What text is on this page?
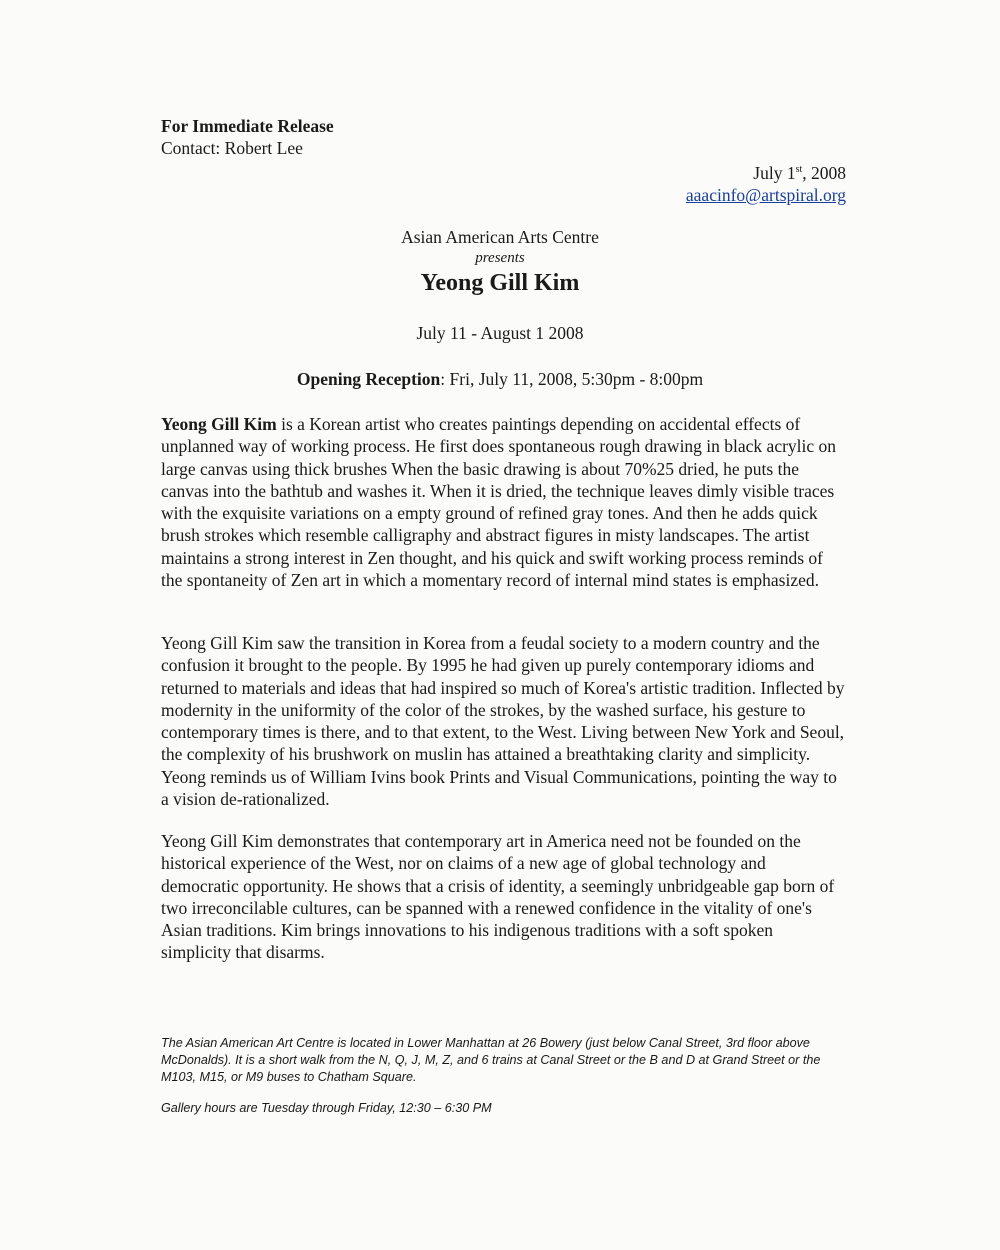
For Immediate Release
Contact: Robert Lee
July 1st, 2008
aaacinfo@artspiral.org
Asian American Arts Centre
presents
Yeong Gill Kim
July 11 - August 1 2008
Opening Reception: Fri, July 11, 2008, 5:30pm - 8:00pm
Yeong Gill Kim is a Korean artist who creates paintings depending on accidental effects of unplanned way of working process. He first does spontaneous rough drawing in black acrylic on large canvas using thick brushes When the basic drawing is about 70%25 dried, he puts the canvas into the bathtub and washes it. When it is dried, the technique leaves dimly visible traces with the exquisite variations on a empty ground of refined gray tones. And then he adds quick brush strokes which resemble calligraphy and abstract figures in misty landscapes. The artist maintains a strong interest in Zen thought, and his quick and swift working process reminds of the spontaneity of Zen art in which a momentary record of internal mind states is emphasized.
Yeong Gill Kim saw the transition in Korea from a feudal society to a modern country and the confusion it brought to the people. By 1995 he had given up purely contemporary idioms and returned to materials and ideas that had inspired so much of Korea's artistic tradition. Inflected by modernity in the uniformity of the color of the strokes, by the washed surface, his gesture to contemporary times is there, and to that extent, to the West. Living between New York and Seoul, the complexity of his brushwork on muslin has attained a breathtaking clarity and simplicity. Yeong reminds us of William Ivins book Prints and Visual Communications, pointing the way to a vision de-rationalized.
Yeong Gill Kim demonstrates that contemporary art in America need not be founded on the historical experience of the West, nor on claims of a new age of global technology and democratic opportunity. He shows that a crisis of identity, a seemingly unbridgeable gap born of two irreconcilable cultures, can be spanned with a renewed confidence in the vitality of one's Asian traditions. Kim brings innovations to his indigenous traditions with a soft spoken simplicity that disarms.
The Asian American Art Centre is located in Lower Manhattan at 26 Bowery (just below Canal Street, 3rd floor above McDonalds). It is a short walk from the N, Q, J, M, Z, and 6 trains at Canal Street or the B and D at Grand Street or the M103, M15, or M9 buses to Chatham Square.
Gallery hours are Tuesday through Friday, 12:30 – 6:30 PM
